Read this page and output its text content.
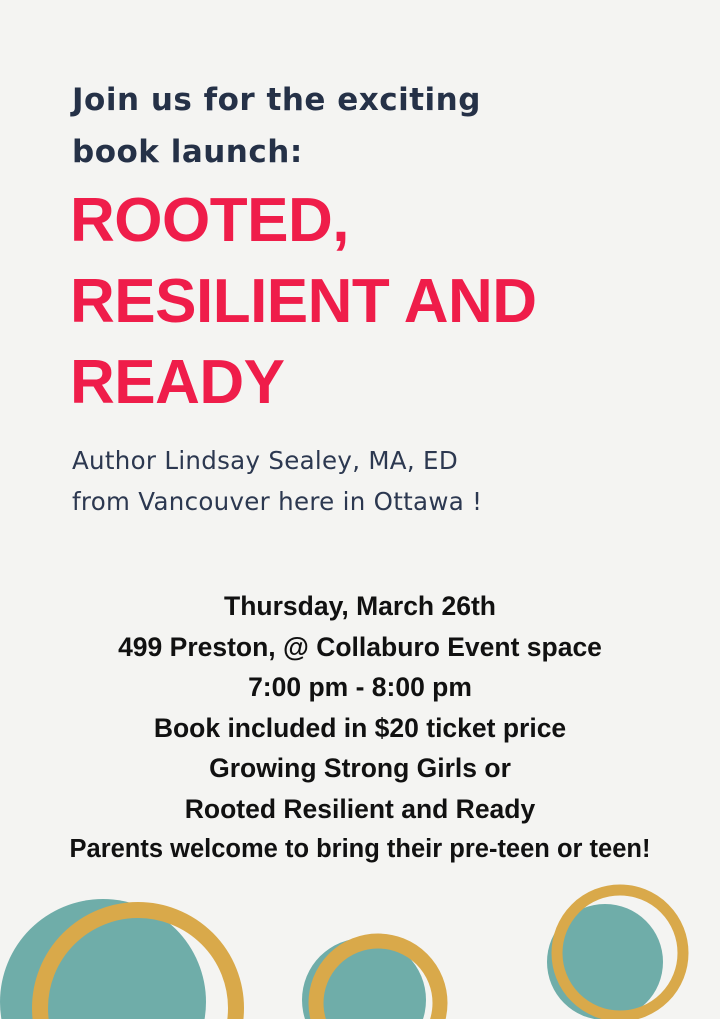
Join us for the exciting
book launch:
ROOTED,
RESILIENT AND
READY
Author Lindsay Sealey, MA, ED
from Vancouver here in Ottawa !
Thursday, March 26th
499 Preston, @ Collaburo Event space
7:00 pm - 8:00 pm
Book included in $20 ticket price
Growing Strong Girls or
Rooted Resilient and Ready
Parents welcome to bring their pre-teen or teen!
